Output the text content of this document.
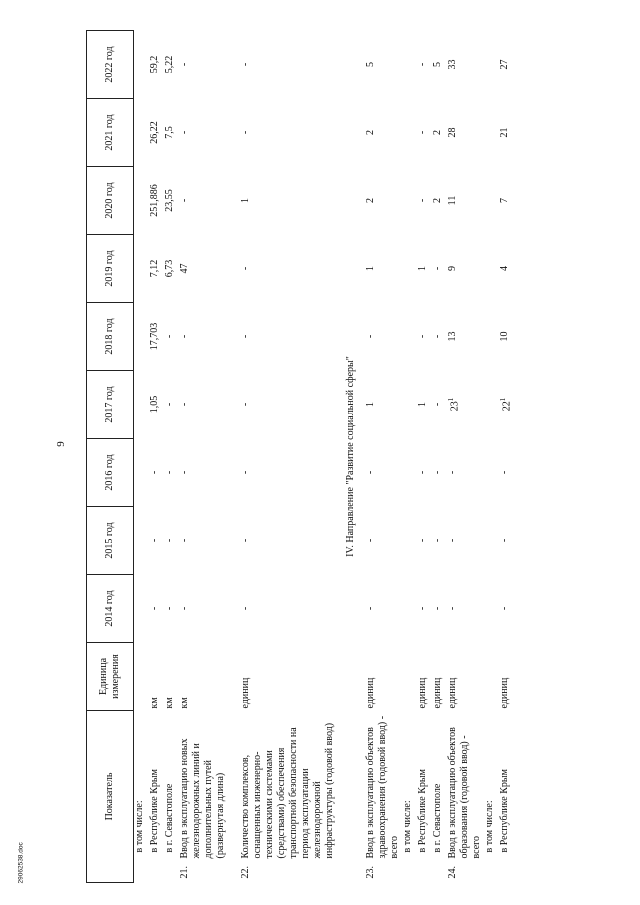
9
29062538.doc
Показатель		Единица измерения	2014 год	2015 год	2016 год	2017 год	2018 год	2019 год	2020 год	2021 год	2022 год
	в том числе:										
	в Республике Крым	км	-	-	-	1,05	17,703	7,12	251,886	26,22	59,2
	в г. Севастополе	км	-	-	-	-	-	6,73	23,55	7,5	5,22
21.	Ввод в эксплуатацию новых железнодорожных линий и дополнительных путей (развернутая длина)	км	-	-	-	-	-	47	-	-	-
22.	Количество комплексов, оснащенных инженерно-техническими системами (средствами) обеспечения транспортной безопасности на период эксплуатации железнодорожной инфраструктуры (годовой ввод)	единиц	-	-	-	-	-	-	1	-	-
IV. Направление "Развитие социальной сферы"											
23.	Ввод в эксплуатацию объектов здравоохранения (годовой ввод) - всего	единиц	-	-	-	1	-	1	2	2	5
	в том числе:										
	в Республике Крым	единиц	-	-	-	1	-	1	-	-	-
	в г. Севастополе	единиц	-	-	-	-	-	-	2	2	5
24.	Ввод в эксплуатацию объектов образования (годовой ввод) - всего	единиц	-	-	-	$23^1$	13	9	11	28	33
	в том числе:										
	в Республике Крым	единиц	-	-	-	$22^1$	10	4	7	21	27
